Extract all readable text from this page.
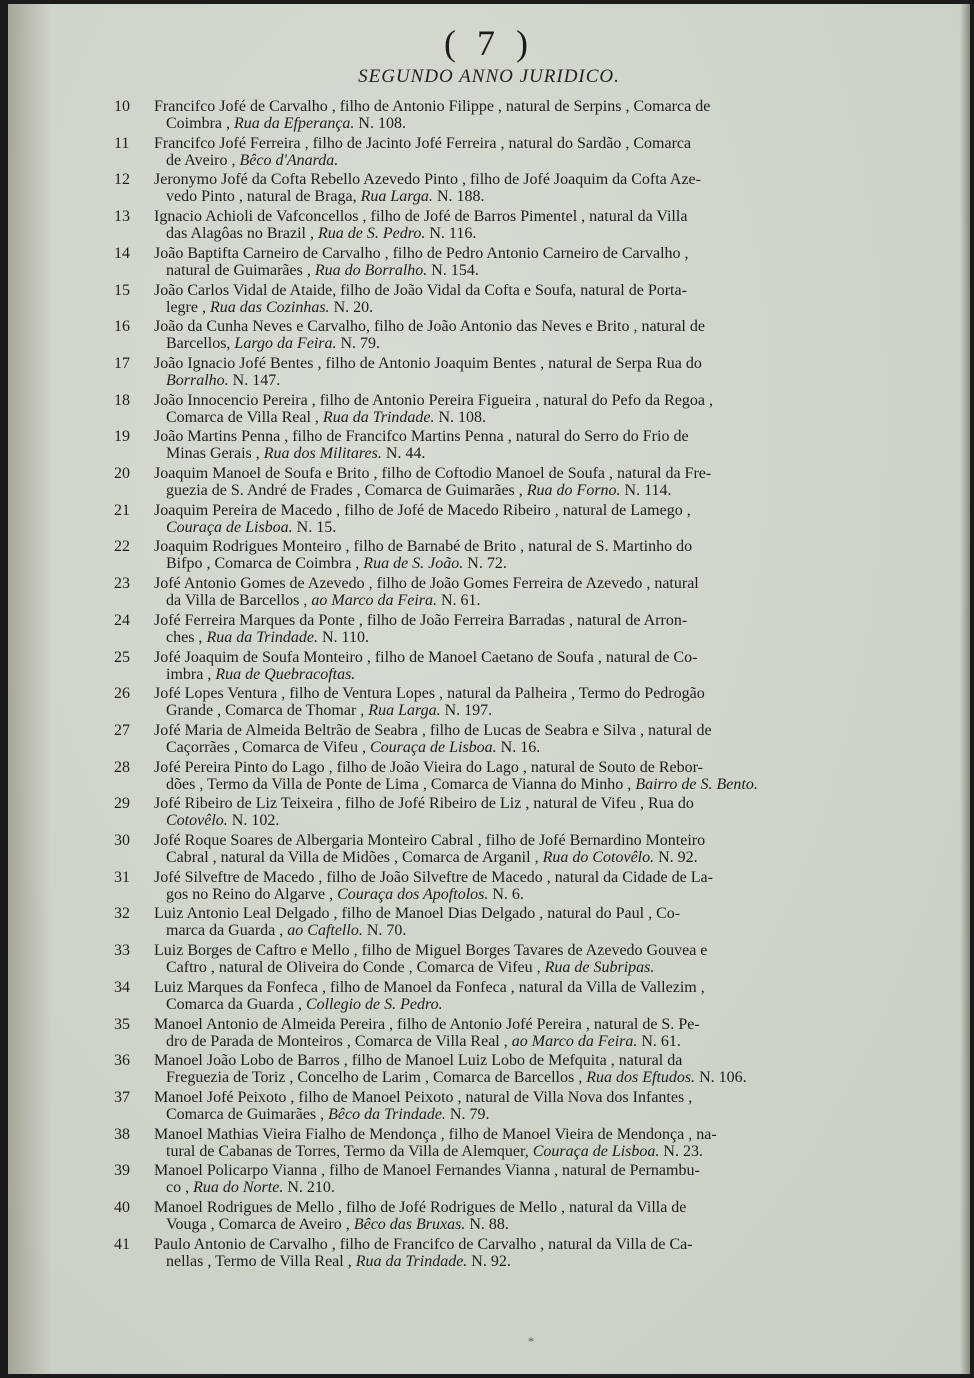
( 7 )
SEGUNDO ANNO JURIDICO.
10	Francifco Jofé de Carvalho , filho de Antonio Filippe , natural de Serpins , Comarca de
Coimbra , Rua da Efperança. N. 108.
11	Francifco Jofé Ferreira , filho de Jacinto Jofé Ferreira , natural do Sardão , Comarca
de Aveiro , Bêco d'Anarda.
12	Jeronymo Jofé da Cofta Rebello Azevedo Pinto , filho de Jofé Joaquim da Cofta Aze-
vedo Pinto , natural de Braga, Rua Larga. N. 188.
13	Ignacio Achioli de Vafconcellos , filho de Jofé de Barros Pimentel , natural da Villa
das Alagôas no Brazil , Rua de S. Pedro. N. 116.
14	João Baptifta Carneiro de Carvalho , filho de Pedro Antonio Carneiro de Carvalho ,
natural de Guimarães , Rua do Borralho. N. 154.
15	João Carlos Vidal de Ataide, filho de João Vidal da Cofta e Soufa, natural de Porta-
legre , Rua das Cozinhas. N. 20.
16	João da Cunha Neves e Carvalho, filho de João Antonio das Neves e Brito , natural de
Barcellos, Largo da Feira. N. 79.
17	João Ignacio Jofé Bentes , filho de Antonio Joaquim Bentes , natural de Serpa Rua do
Borralho. N. 147.
18	João Innocencio Pereira , filho de Antonio Pereira Figueira , natural do Pefo da Regoa ,
Comarca de Villa Real , Rua da Trindade. N. 108.
19	João Martins Penna , filho de Francifco Martins Penna , natural do Serro do Frio de
Minas Gerais , Rua dos Militares. N. 44.
20	Joaquim Manoel de Soufa e Brito , filho de Coftodio Manoel de Soufa , natural da Fre-
guezia de S. André de Frades , Comarca de Guimarães , Rua do Forno. N. 114.
21	Joaquim Pereira de Macedo , filho de Jofé de Macedo Ribeiro , natural de Lamego ,
Couraça de Lisboa. N. 15.
22	Joaquim Rodrigues Monteiro , filho de Barnabé de Brito , natural de S. Martinho do
Bifpo , Comarca de Coimbra , Rua de S. João. N. 72.
23	Jofé Antonio Gomes de Azevedo , filho de João Gomes Ferreira de Azevedo , natural
da Villa de Barcellos , ao Marco da Feira. N. 61.
24	Jofé Ferreira Marques da Ponte , filho de João Ferreira Barradas , natural de Arron-
ches , Rua da Trindade. N. 110.
25	Jofé Joaquim de Soufa Monteiro , filho de Manoel Caetano de Soufa , natural de Co-
imbra , Rua de Quebracoftas.
26	Jofé Lopes Ventura , filho de Ventura Lopes , natural da Palheira , Termo do Pedrogão
Grande , Comarca de Thomar , Rua Larga. N. 197.
27	Jofé Maria de Almeida Beltrão de Seabra , filho de Lucas de Seabra e Silva , natural de
Caçorrães , Comarca de Vifeu , Couraça de Lisboa. N. 16.
28	Jofé Pereira Pinto do Lago , filho de João Vieira do Lago , natural de Souto de Rebor-
dões , Termo da Villa de Ponte de Lima , Comarca de Vianna do Minho , Bairro de S. Bento.
29	Jofé Ribeiro de Liz Teixeira , filho de Jofé Ribeiro de Liz , natural de Vifeu , Rua do
Cotovêlo. N. 102.
30	Jofé Roque Soares de Albergaria Monteiro Cabral , filho de Jofé Bernardino Monteiro
Cabral , natural da Villa de Midões , Comarca de Arganil , Rua do Cotovêlo. N. 92.
31	Jofé Silveftre de Macedo , filho de João Silveftre de Macedo , natural da Cidade de La-
gos no Reino do Algarve , Couraça dos Apoftolos. N. 6.
32	Luiz Antonio Leal Delgado , filho de Manoel Dias Delgado , natural do Paul , Co-
marca da Guarda , ao Caftello. N. 70.
33	Luiz Borges de Caftro e Mello , filho de Miguel Borges Tavares de Azevedo Gouvea e
Caftro , natural de Oliveira do Conde , Comarca de Vifeu , Rua de Subripas.
34	Luiz Marques da Fonfeca , filho de Manoel da Fonfeca , natural da Villa de Vallezim ,
Comarca da Guarda , Collegio de S. Pedro.
35	Manoel Antonio de Almeida Pereira , filho de Antonio Jofé Pereira , natural de S. Pe-
dro de Parada de Monteiros , Comarca de Villa Real , ao Marco da Feira. N. 61.
36	Manoel João Lobo de Barros , filho de Manoel Luiz Lobo de Mefquita , natural da
Freguezia de Toriz , Concelho de Larim , Comarca de Barcellos , Rua dos Eftudos. N. 106.
37	Manoel Jofé Peixoto , filho de Manoel Peixoto , natural de Villa Nova dos Infantes ,
Comarca de Guimarães , Bêco da Trindade. N. 79.
38	Manoel Mathias Vieira Fialho de Mendonça , filho de Manoel Vieira de Mendonça , na-
tural de Cabanas de Torres, Termo da Villa de Alemquer, Couraça de Lisboa. N. 23.
39	Manoel Policarpo Vianna , filho de Manoel Fernandes Vianna , natural de Pernambu-
co , Rua do Norte. N. 210.
40	Manoel Rodrigues de Mello , filho de Jofé Rodrigues de Mello , natural da Villa de
Vouga , Comarca de Aveiro , Bêco das Bruxas. N. 88.
41	Paulo Antonio de Carvalho , filho de Francifco de Carvalho , natural da Villa de Ca-
nellas , Termo de Villa Real , Rua da Trindade. N. 92.
*
